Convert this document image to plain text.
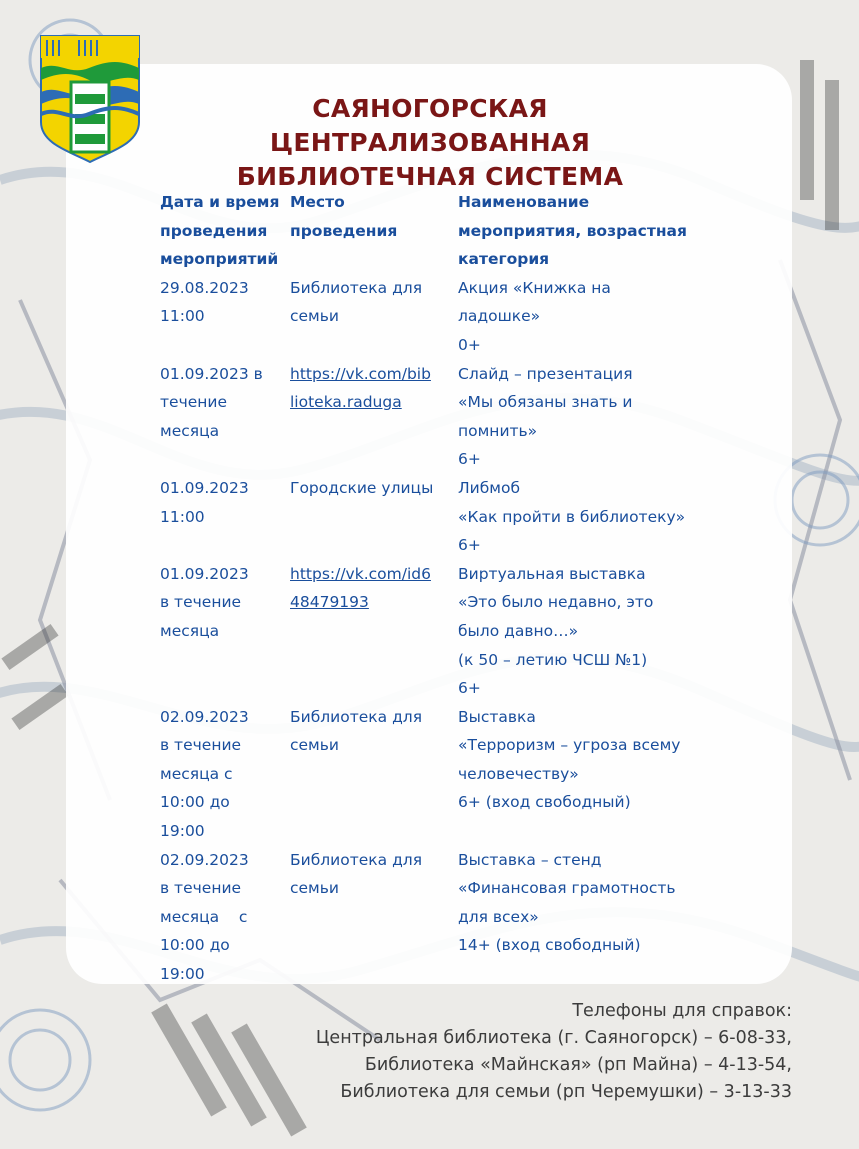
САЯНОГОРСКАЯ
ЦЕНТРАЛИЗОВАННАЯ
БИБЛИОТЕЧНАЯ СИСТЕМА
Дата и время
проведения
мероприятий
Место
проведения
Наименование
мероприятия, возрастная
категория
29.08.2023
11:00
Библиотека для
семьи
Акция «Книжка на
ладошке»
0+
01.09.2023 в
течение
месяца
https://vk.com/bib
lioteka.raduga
Слайд – презентация
«Мы обязаны знать и
помнить»
6+
01.09.2023
11:00
Городские улицы	Либмоб
«Как пройти в библиотеку»
6+
01.09.2023
в течение
месяца
https://vk.com/id6
48479193
Виртуальная выставка
«Это было недавно, это
было давно…»
(к 50 – летию ЧСШ №1)
6+
02.09.2023
в течение
месяца с
10:00 до
19:00
Библиотека для
семьи
Выставка
«Терроризм – угроза всему
человечеству»
6+ (вход свободный)
02.09.2023
в течение
месяца    с
10:00 до
19:00
Библиотека для
семьи
Выставка – стенд
«Финансовая грамотность
для всех»
14+ (вход свободный)
Телефоны для справок:
Центральная библиотека (г. Саяногорск) – 6-08-33,
Библиотека «Майнская» (рп Майна) – 4-13-54,
Библиотека для семьи (рп Черемушки) – 3-13-33
